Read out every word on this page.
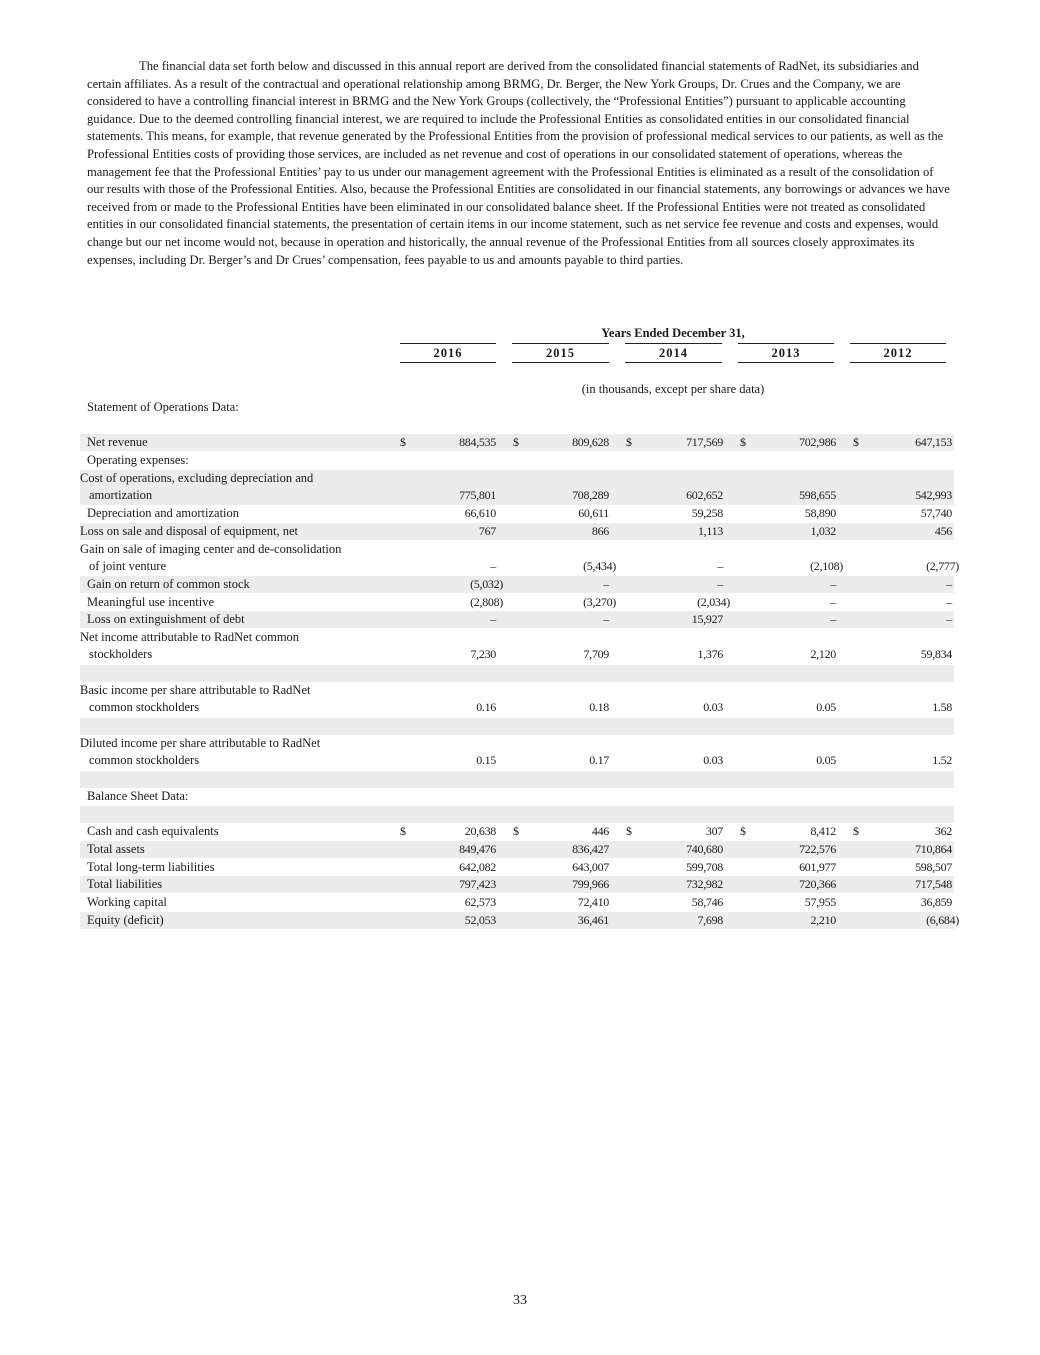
The financial data set forth below and discussed in this annual report are derived from the consolidated financial statements of RadNet, its subsidiaries and certain affiliates. As a result of the contractual and operational relationship among BRMG, Dr. Berger, the New York Groups, Dr. Crues and the Company, we are considered to have a controlling financial interest in BRMG and the New York Groups (collectively, the “Professional Entities”) pursuant to applicable accounting guidance. Due to the deemed controlling financial interest, we are required to include the Professional Entities as consolidated entities in our consolidated financial statements. This means, for example, that revenue generated by the Professional Entities from the provision of professional medical services to our patients, as well as the Professional Entities costs of providing those services, are included as net revenue and cost of operations in our consolidated statement of operations, whereas the management fee that the Professional Entities’ pay to us under our management agreement with the Professional Entities is eliminated as a result of the consolidation of our results with those of the Professional Entities. Also, because the Professional Entities are consolidated in our financial statements, any borrowings or advances we have received from or made to the Professional Entities have been eliminated in our consolidated balance sheet. If the Professional Entities were not treated as consolidated entities in our consolidated financial statements, the presentation of certain items in our income statement, such as net service fee revenue and costs and expenses, would change but our net income would not, because in operation and historically, the annual revenue of the Professional Entities from all sources closely approximates its expenses, including Dr. Berger’s and Dr Crues’ compensation, fees payable to us and amounts payable to third parties.

Years Ended December 31,
2016	2015	2014	2013	2012
(in thousands, except per share data)
Statement of Operations Data:
Net revenue	$	884,535 $	809,628 $	717,569 $	702,986 $	647,153
Operating expenses:
Cost of operations, excluding depreciation and
amortization	775,801	708,289	602,652	598,655	542,993
Depreciation and amortization	66,610	60,611	59,258	58,890	57,740
Loss on sale and disposal of equipment, net	767	866	1,113	1,032	456
Gain on sale of imaging center and de-consolidation
of joint venture	–	(5,434)	–	(2,108)	(2,777)
Gain on return of common stock	(5,032)	–	–	–	–
Meaningful use incentive	(2,808)	(3,270)	(2,034)	–	–
Loss on extinguishment of debt	–	–	15,927	–	–
Net income attributable to RadNet common
stockholders	7,230	7,709	1,376	2,120	59,834
Basic income per share attributable to RadNet
common stockholders	0.16	0.18	0.03	0.05	1.58
Diluted income per share attributable to RadNet
common stockholders	0.15	0.17	0.03	0.05	1.52
Balance Sheet Data:
Cash and cash equivalents	$	20,638 $	446 $	307 $	8,412 $	362
Total assets	849,476	836,427	740,680	722,576	710,864
Total long-term liabilities	642,082	643,007	599,708	601,977	598,507
Total liabilities	797,423	799,966	732,982	720,366	717,548
Working capital	62,573	72,410	58,746	57,955	36,859
Equity (deficit)	52,053	36,461	7,698	2,210	(6,684)
33
